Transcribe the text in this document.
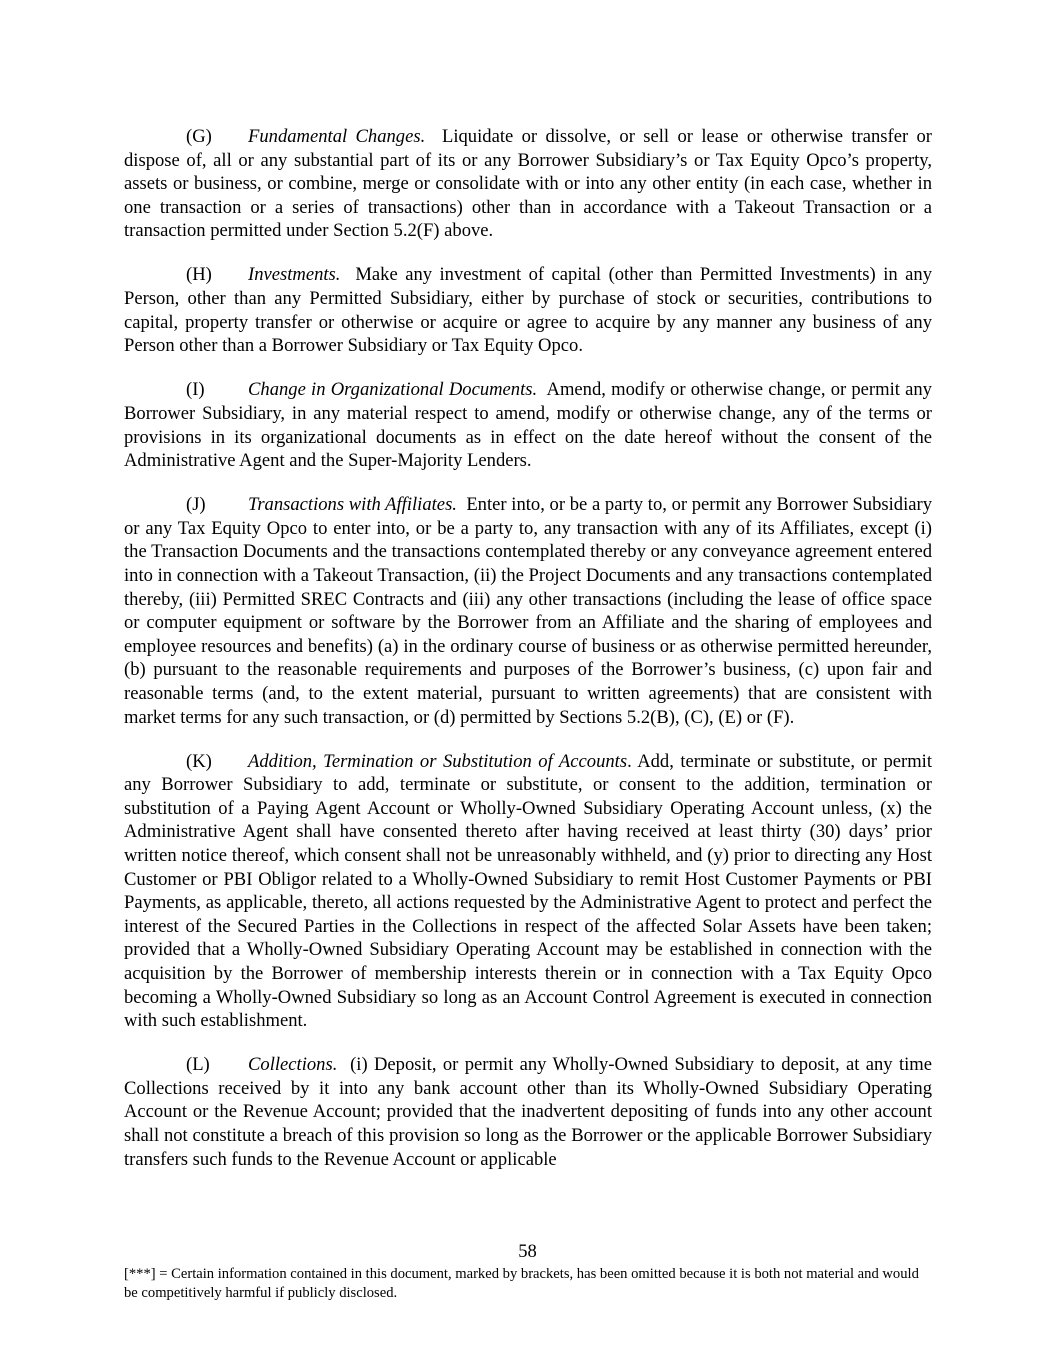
(G) Fundamental Changes. Liquidate or dissolve, or sell or lease or otherwise transfer or dispose of, all or any substantial part of its or any Borrower Subsidiary’s or Tax Equity Opco’s property, assets or business, or combine, merge or consolidate with or into any other entity (in each case, whether in one transaction or a series of transactions) other than in accordance with a Takeout Transaction or a transaction permitted under Section 5.2(F) above.

(H) Investments. Make any investment of capital (other than Permitted Investments) in any Person, other than any Permitted Subsidiary, either by purchase of stock or securities, contributions to capital, property transfer or otherwise or acquire or agree to acquire by any manner any business of any Person other than a Borrower Subsidiary or Tax Equity Opco.

(I) Change in Organizational Documents. Amend, modify or otherwise change, or permit any Borrower Subsidiary, in any material respect to amend, modify or otherwise change, any of the terms or provisions in its organizational documents as in effect on the date hereof without the consent of the Administrative Agent and the Super-Majority Lenders.

(J) Transactions with Affiliates. Enter into, or be a party to, or permit any Borrower Subsidiary or any Tax Equity Opco to enter into, or be a party to, any transaction with any of its Affiliates, except (i) the Transaction Documents and the transactions contemplated thereby or any conveyance agreement entered into in connection with a Takeout Transaction, (ii) the Project Documents and any transactions contemplated thereby, (iii) Permitted SREC Contracts and (iii) any other transactions (including the lease of office space or computer equipment or software by the Borrower from an Affiliate and the sharing of employees and employee resources and benefits) (a) in the ordinary course of business or as otherwise permitted hereunder, (b) pursuant to the reasonable requirements and purposes of the Borrower’s business, (c) upon fair and reasonable terms (and, to the extent material, pursuant to written agreements) that are consistent with market terms for any such transaction, or (d) permitted by Sections 5.2(B), (C), (E) or (F).

(K) Addition, Termination or Substitution of Accounts. Add, terminate or substitute, or permit any Borrower Subsidiary to add, terminate or substitute, or consent to the addition, termination or substitution of a Paying Agent Account or Wholly-Owned Subsidiary Operating Account unless, (x) the Administrative Agent shall have consented thereto after having received at least thirty (30) days’ prior written notice thereof, which consent shall not be unreasonably withheld, and (y) prior to directing any Host Customer or PBI Obligor related to a Wholly-Owned Subsidiary to remit Host Customer Payments or PBI Payments, as applicable, thereto, all actions requested by the Administrative Agent to protect and perfect the interest of the Secured Parties in the Collections in respect of the affected Solar Assets have been taken; provided that a Wholly-Owned Subsidiary Operating Account may be established in connection with the acquisition by the Borrower of membership interests therein or in connection with a Tax Equity Opco becoming a Wholly-Owned Subsidiary so long as an Account Control Agreement is executed in connection with such establishment.

(L) Collections. (i) Deposit, or permit any Wholly-Owned Subsidiary to deposit, at any time Collections received by it into any bank account other than its Wholly-Owned Subsidiary Operating Account or the Revenue Account; provided that the inadvertent depositing of funds into any other account shall not constitute a breach of this provision so long as the Borrower or the applicable Borrower Subsidiary transfers such funds to the Revenue Account or applicable

58
[***] = Certain information contained in this document, marked by brackets, has been omitted because it is both not material and would be competitively harmful if publicly disclosed.
